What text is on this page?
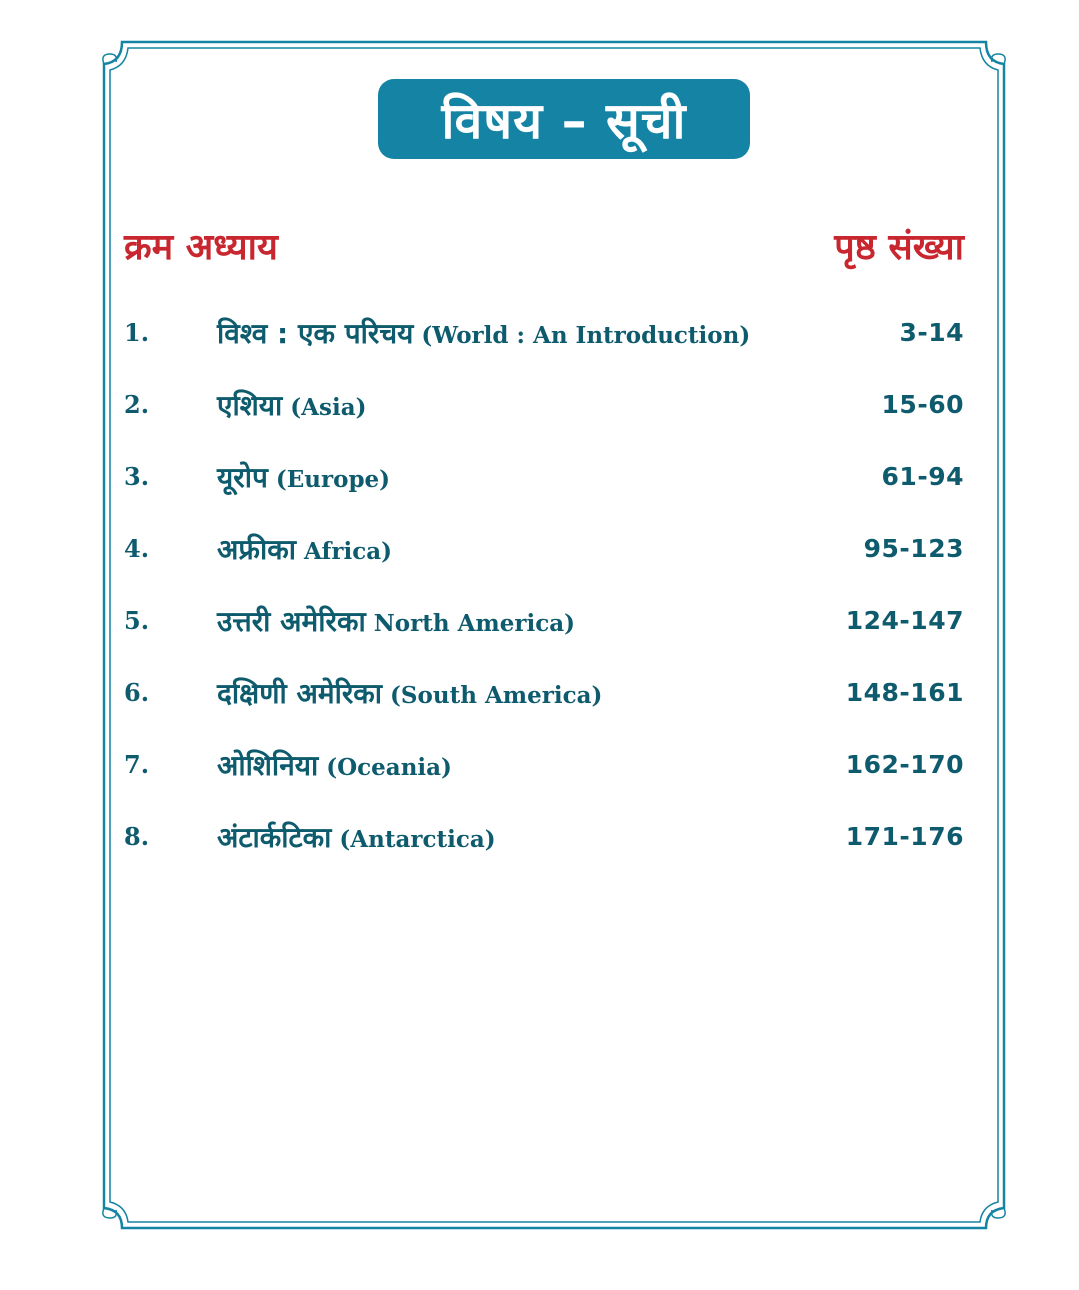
विषय – सूची
क्रम अध्याय	पृष्ठ संख्या
1. विश्व : एक परिचय (World : An Introduction)	3-14
2. एशिया (Asia)	15-60
3. यूरोप (Europe)	61-94
4. अफ्रीका Africa)	95-123
5. उत्तरी अमेरिका North America)	124-147
6. दक्षिणी अमेरिका (South America)	148-161
7. ओशिनिया (Oceania)	162-170
8. अंटार्कटिका (Antarctica)	171-176
